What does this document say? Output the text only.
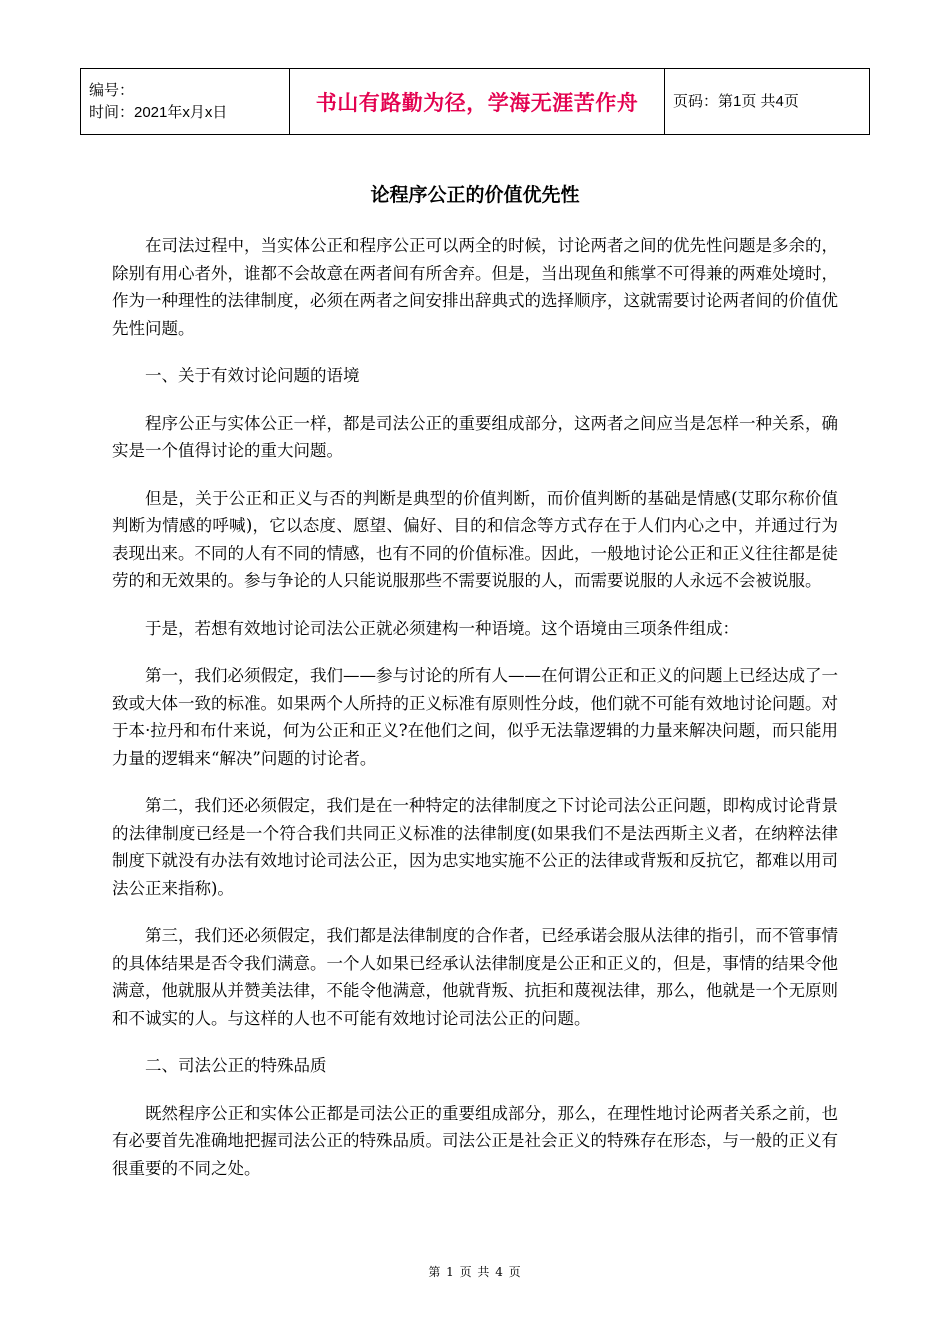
编号：
时间：2021年x月x日	书山有路勤为径，学海无涯苦作舟	页码：第1页 共4页
论程序公正的价值优先性

在司法过程中，当实体公正和程序公正可以两全的时候，讨论两者之间的优先性问题是多余的，除别有用心者外，谁都不会故意在两者间有所舍弃。但是，当出现鱼和熊掌不可得兼的两难处境时，作为一种理性的法律制度，必须在两者之间安排出辞典式的选择顺序，这就需要讨论两者间的价值优先性问题。

一、关于有效讨论问题的语境

程序公正与实体公正一样，都是司法公正的重要组成部分，这两者之间应当是怎样一种关系，确实是一个值得讨论的重大问题。

但是，关于公正和正义与否的判断是典型的价值判断，而价值判断的基础是情感(艾耶尔称价值判断为情感的呼喊)，它以态度、愿望、偏好、目的和信念等方式存在于人们内心之中，并通过行为表现出来。不同的人有不同的情感，也有不同的价值标准。因此，一般地讨论公正和正义往往都是徒劳的和无效果的。参与争论的人只能说服那些不需要说服的人，而需要说服的人永远不会被说服。

于是，若想有效地讨论司法公正就必须建构一种语境。这个语境由三项条件组成：

第一，我们必须假定，我们——参与讨论的所有人——在何谓公正和正义的问题上已经达成了一致或大体一致的标准。如果两个人所持的正义标准有原则性分歧，他们就不可能有效地讨论问题。对于本·拉丹和布什来说，何为公正和正义?在他们之间，似乎无法靠逻辑的力量来解决问题，而只能用力量的逻辑来“解决”问题的讨论者。

第二，我们还必须假定，我们是在一种特定的法律制度之下讨论司法公正问题，即构成讨论背景的法律制度已经是一个符合我们共同正义标准的法律制度(如果我们不是法西斯主义者，在纳粹法律制度下就没有办法有效地讨论司法公正，因为忠实地实施不公正的法律或背叛和反抗它，都难以用司法公正来指称)。

第三，我们还必须假定，我们都是法律制度的合作者，已经承诺会服从法律的指引，而不管事情的具体结果是否令我们满意。一个人如果已经承认法律制度是公正和正义的，但是，事情的结果令他满意，他就服从并赞美法律，不能令他满意，他就背叛、抗拒和蔑视法律，那么，他就是一个无原则和不诚实的人。与这样的人也不可能有效地讨论司法公正的问题。

二、司法公正的特殊品质

既然程序公正和实体公正都是司法公正的重要组成部分，那么，在理性地讨论两者关系之前，也有必要首先准确地把握司法公正的特殊品质。司法公正是社会正义的特殊存在形态，与一般的正义有很重要的不同之处。

第 1 页 共 4 页
